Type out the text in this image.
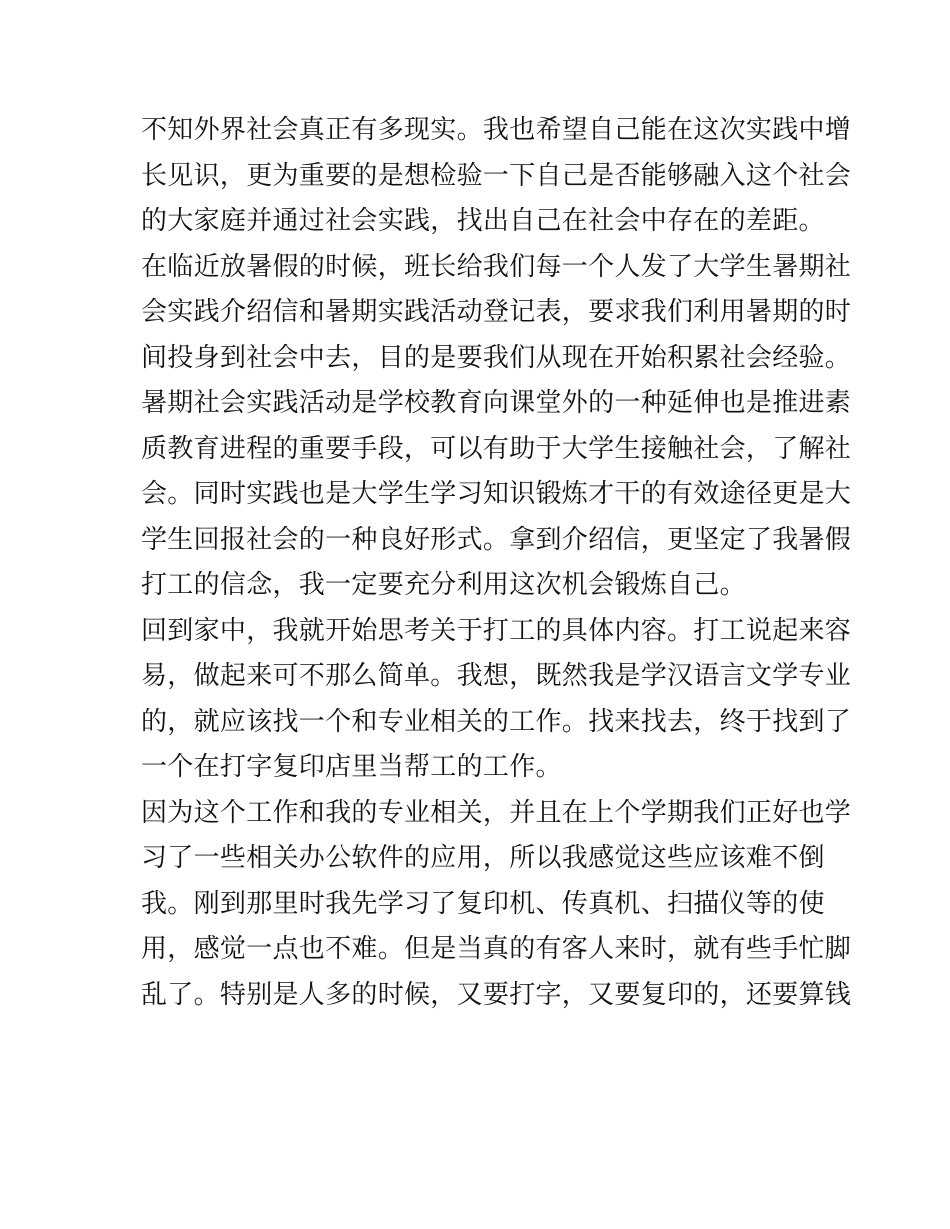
不知外界社会真正有多现实。我也希望自己能在这次实践中增
长见识，更为重要的是想检验一下自己是否能够融入这个社会
的大家庭并通过社会实践，找出自己在社会中存在的差距。
在临近放暑假的时候，班长给我们每一个人发了大学生暑期社
会实践介绍信和暑期实践活动登记表，要求我们利用暑期的时
间投身到社会中去，目的是要我们从现在开始积累社会经验。
暑期社会实践活动是学校教育向课堂外的一种延伸也是推进素
质教育进程的重要手段，可以有助于大学生接触社会，了解社
会。同时实践也是大学生学习知识锻炼才干的有效途径更是大
学生回报社会的一种良好形式。拿到介绍信，更坚定了我暑假
打工的信念，我一定要充分利用这次机会锻炼自己。
回到家中，我就开始思考关于打工的具体内容。打工说起来容
易，做起来可不那么简单。我想，既然我是学汉语言文学专业
的，就应该找一个和专业相关的工作。找来找去，终于找到了
一个在打字复印店里当帮工的工作。
因为这个工作和我的专业相关，并且在上个学期我们正好也学
习了一些相关办公软件的应用，所以我感觉这些应该难不倒
我。刚到那里时我先学习了复印机、传真机、扫描仪等的使
用，感觉一点也不难。但是当真的有客人来时，就有些手忙脚
乱了。特别是人多的时候，又要打字，又要复印的，还要算钱
